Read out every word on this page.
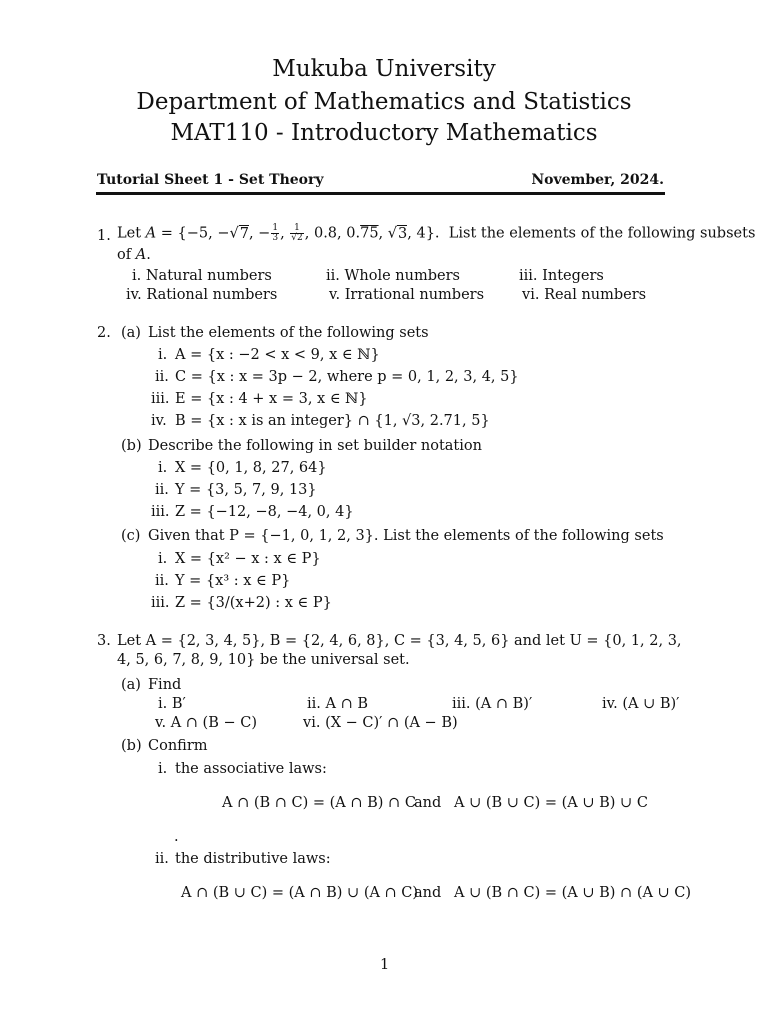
Mukuba University
Department of Mathematics and Statistics
MAT110 - Introductory Mathematics
Tutorial Sheet 1 - Set Theory	November, 2024.
1. Let A = {−5, −√7, − $\frac{1}{3}$ , $\frac{1}{√2}$ , 0.8, 0.75, √3, 4}.  List the elements of the following subsets
of A.
i. Natural numbers	ii. Whole numbers	iii. Integers
iv. Rational numbers	v. Irrational numbers	vi. Real numbers
2. (a) List the elements of the following sets
i. A = {x : −2 < x < 9, x ∈ ℕ}
ii. C = {x : x = 3p − 2, where p = 0, 1, 2, 3, 4, 5}
iii. E = {x : 4 + x = 3, x ∈ ℕ}
iv. B = {x : x is an integer} ∩ {1, √3, 2.71, 5}
(b) Describe the following in set builder notation
i. X = {0, 1, 8, 27, 64}
ii. Y = {3, 5, 7, 9, 13}
iii. Z = {−12, −8, −4, 0, 4}
(c) Given that P = {−1, 0, 1, 2, 3}. List the elements of the following sets
i. X = {x² − x : x ∈ P}
ii. Y = {x³ : x ∈ P}
iii. Z = {3/(x+2) : x ∈ P}
3. Let A = {2, 3, 4, 5}, B = {2, 4, 6, 8}, C = {3, 4, 5, 6} and let U = {0, 1, 2, 3, 4, 5, 6, 7, 8, 9, 10} be the universal set.
(a) Find
i. B′	ii. A ∩ B	iii. (A ∩ B)′	iv. (A ∪ B)′
v. A ∩ (B − C)	vi. (X − C)′ ∩ (A − B)
(b) Confirm
i. the associative laws:
A ∩ (B ∩ C) = (A ∩ B) ∩ C
and A ∪ (B ∪ C) = (A ∪ B) ∪ C
.
ii. the distributive laws:
A ∩ (B ∪ C) = (A ∩ B) ∪ (A ∩ C)
and A ∪ (B ∩ C) = (A ∪ B) ∩ (A ∪ C)
1
